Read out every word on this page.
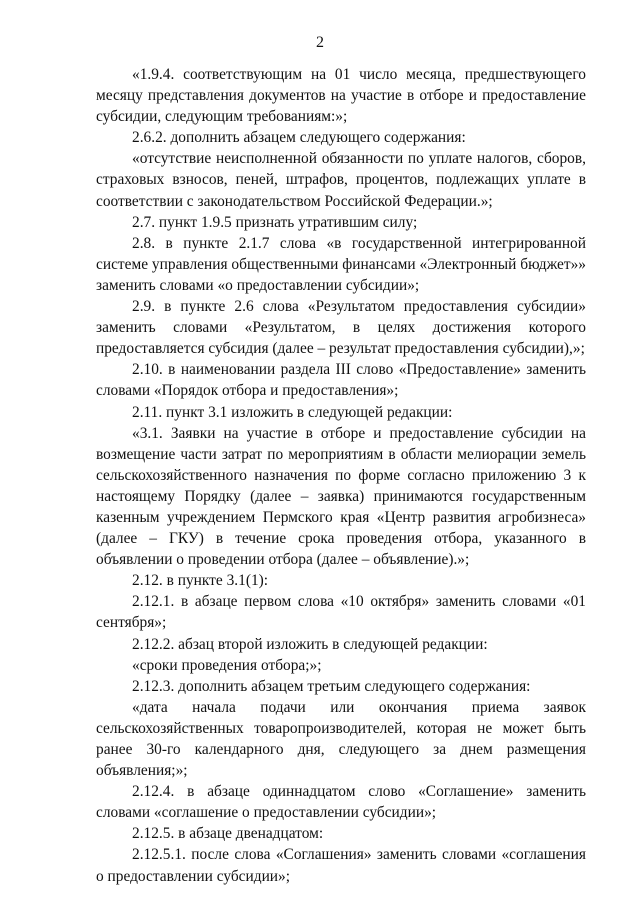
2

«1.9.4. соответствующим на 01 число месяца, предшествующего месяцу представления документов на участие в отборе и предоставление субсидии, следующим требованиям:»;

2.6.2. дополнить абзацем следующего содержания:

«отсутствие неисполненной обязанности по уплате налогов, сборов, страховых взносов, пеней, штрафов, процентов, подлежащих уплате в соответствии с законодательством Российской Федерации.»;

2.7. пункт 1.9.5 признать утратившим силу;

2.8. в пункте 2.1.7 слова «в государственной интегрированной системе управления общественными финансами «Электронный бюджет»» заменить словами «о предоставлении субсидии»;

2.9. в пункте 2.6 слова «Результатом предоставления субсидии» заменить словами «Результатом, в целях достижения которого предоставляется субсидия (далее – результат предоставления субсидии),»;

2.10. в наименовании раздела III слово «Предоставление» заменить словами «Порядок отбора и предоставления»;

2.11. пункт 3.1 изложить в следующей редакции:

«3.1. Заявки на участие в отборе и предоставление субсидии на возмещение части затрат по мероприятиям в области мелиорации земель сельскохозяйственного назначения по форме согласно приложению 3 к настоящему Порядку (далее – заявка) принимаются государственным казенным учреждением Пермского края «Центр развития агробизнеса» (далее – ГКУ) в течение срока проведения отбора, указанного в объявлении о проведении отбора (далее – объявление).»;

2.12. в пункте 3.1(1):

2.12.1. в абзаце первом слова «10 октября» заменить словами «01 сентября»;

2.12.2. абзац второй изложить в следующей редакции:

«сроки проведения отбора;»;

2.12.3. дополнить абзацем третьим следующего содержания:

«дата начала подачи или окончания приема заявок сельскохозяйственных товаропроизводителей, которая не может быть ранее 30-го календарного дня, следующего за днем размещения объявления;»;

2.12.4. в абзаце одиннадцатом слово «Соглашение» заменить словами «соглашение о предоставлении субсидии»;

2.12.5. в абзаце двенадцатом:

2.12.5.1. после слова «Соглашения» заменить словами «соглашения о предоставлении субсидии»;
